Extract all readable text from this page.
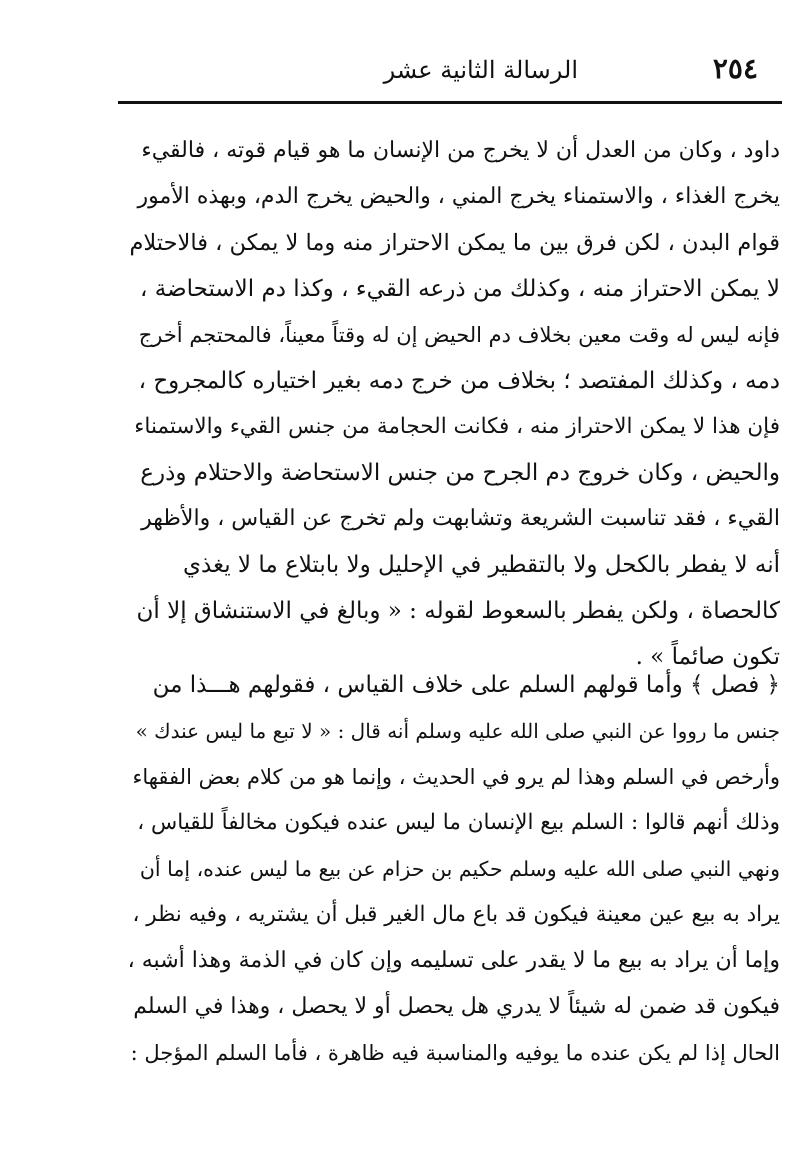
٢٥٤
الرسالة الثانية عشر
داود ، وكان من العدل أن لا يخرج من الإنسان ما هو قيام قوته ، فالقيء
يخرج الغذاء ، والاستمناء يخرج المني ، والحيض يخرج الدم، وبهذه الأمور
قوام البدن ، لكن فرق بين ما يمكن الاحتراز منه وما لا يمكن ، فالاحتلام
لا يمكن الاحتراز منه ، وكذلك من ذرعه القيء ، وكذا دم الاستحاضة ،
فإنه ليس له وقت معين بخلاف دم الحيض إن له وقتاً معيناً، فالمحتجم أخرج
دمه ، وكذلك المفتصد ؛ بخلاف من خرج دمه بغير اختياره كالمجروح ،
فإن هذا لا يمكن الاحتراز منه ، فكانت الحجامة من جنس القيء والاستمناء
والحيض ، وكان خروج دم الجرح من جنس الاستحاضة والاحتلام وذرع
القيء ، فقد تناسبت الشريعة وتشابهت ولم تخرج عن القياس ، والأظهر
أنه لا يفطر بالكحل ولا بالتقطير في الإحليل ولا بابتلاع ما لا يغذي
كالحصاة ، ولكن يفطر بالسعوط لقوله : « وبالغ في الاستنشاق إلا أن
تكون صائماً » .
﴿ فصل ﴾ وأما قولهم السلم على خلاف القياس ، فقولهم هـــذا من
جنس ما رووا عن النبي صلى الله عليه وسلم أنه قال : « لا تبع ما ليس عندك »
وأرخص في السلم وهذا لم يرو في الحديث ، وإنما هو من كلام بعض الفقهاء
وذلك أنهم قالوا : السلم بيع الإنسان ما ليس عنده فيكون مخالفاً للقياس ،
ونهي النبي صلى الله عليه وسلم حكيم بن حزام عن بيع ما ليس عنده، إما أن
يراد به بيع عين معينة فيكون قد باع مال الغير قبل أن يشتريه ، وفيه نظر ،
وإما أن يراد به بيع ما لا يقدر على تسليمه وإن كان في الذمة وهذا أشبه ،
فيكون قد ضمن له شيئاً لا يدري هل يحصل أو لا يحصل ، وهذا في السلم
الحال إذا لم يكن عنده ما يوفيه والمناسبة فيه ظاهرة ، فأما السلم المؤجل :
